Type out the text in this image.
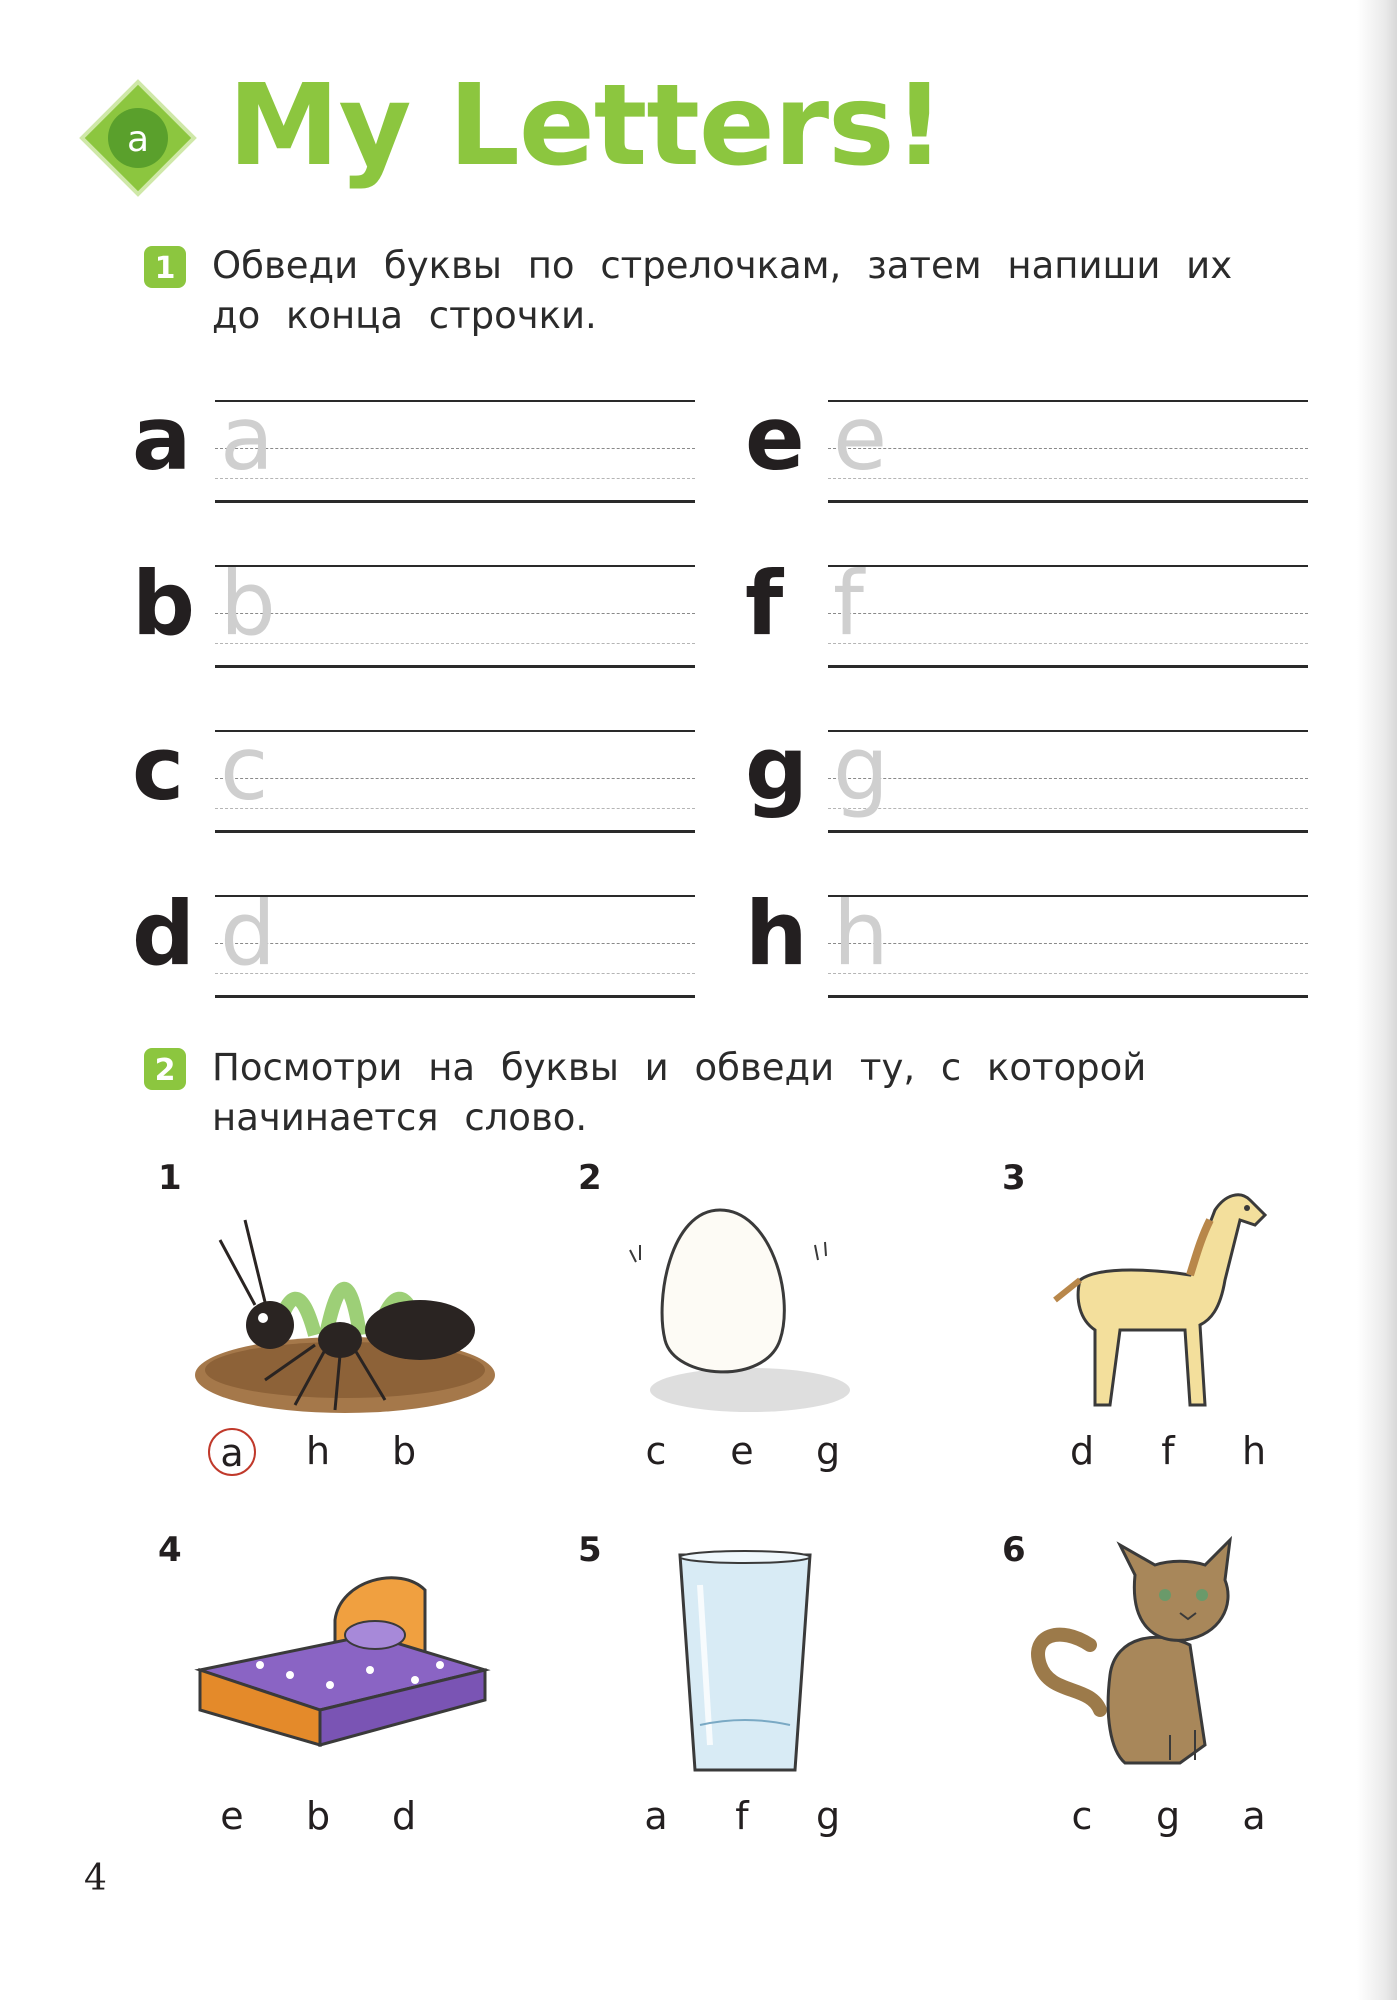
a My Letters!
1 Обведи буквы по стрелочкам, затем напиши их
до конца строчки.
a a
b b
c c
d d
e e
f f
g g
h h
2 Посмотри на буквы и обведи ту, с которой
начинается слово.
1
a	h	b
2
c	e	g
3
d	f	h
4
e	b	d
5
a	f	g
6
c	g	a
4
